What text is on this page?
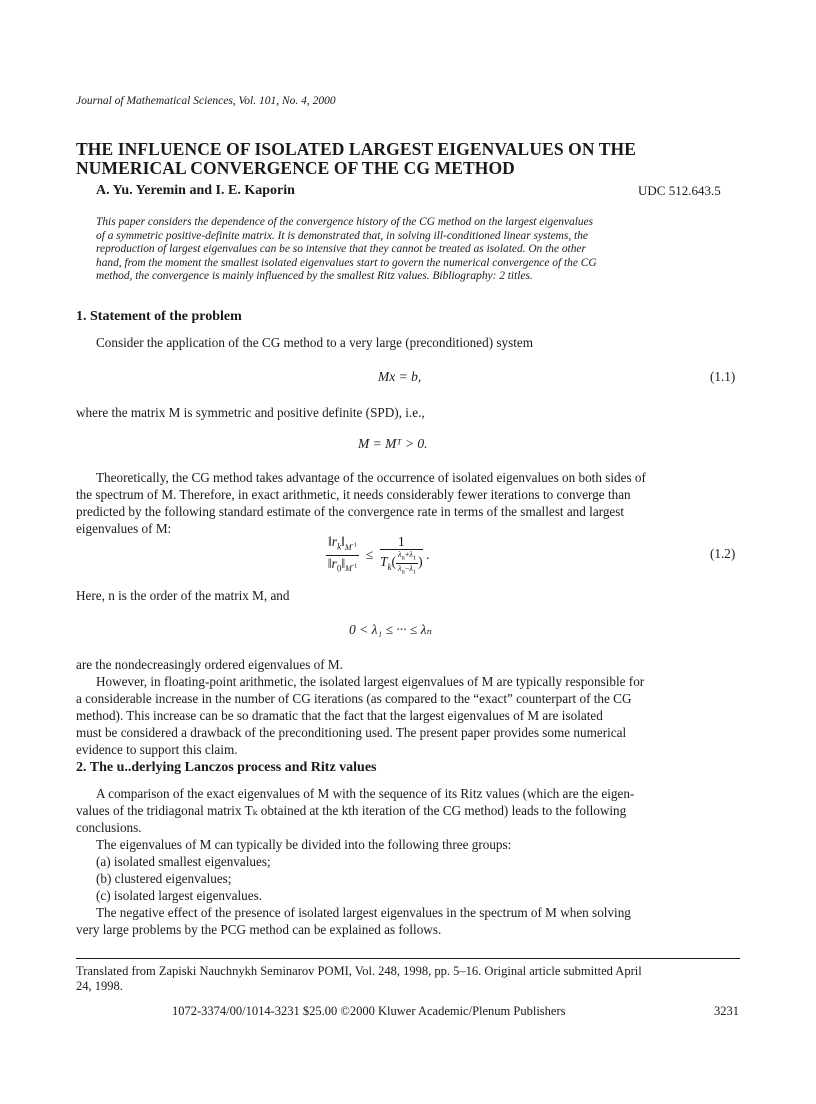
Journal of Mathematical Sciences, Vol. 101, No. 4, 2000
THE INFLUENCE OF ISOLATED LARGEST EIGENVALUES ON THE
NUMERICAL CONVERGENCE OF THE CG METHOD
A. Yu. Yeremin and I. E. Kaporin	UDC 512.643.5
This paper considers the dependence of the convergence history of the CG method on the largest eigenvalues
of a symmetric positive-definite matrix. It is demonstrated that, in solving ill-conditioned linear systems, the
reproduction of largest eigenvalues can be so intensive that they cannot be treated as isolated. On the other
hand, from the moment the smallest isolated eigenvalues start to govern the numerical convergence of the CG
method, the convergence is mainly influenced by the smallest Ritz values. Bibliography: 2 titles.
1. Statement of the problem
Consider the application of the CG method to a very large (preconditioned) system
Mx = b,	(1.1)
where the matrix M is symmetric and positive definite (SPD), i.e.,
M = Mᵀ > 0.
Theoretically, the CG method takes advantage of the occurrence of isolated eigenvalues on both sides of
the spectrum of M. Therefore, in exact arithmetic, it needs considerably fewer iterations to converge than
predicted by the following standard estimate of the convergence rate in terms of the smallest and largest
eigenvalues of M:
$\frac{‖r_k‖_{M^{-1}}}{‖r_0‖_{M^{-1}}} \le \frac{1}{T_k( \frac{\lambda_n+\lambda_1}{\lambda_n-\lambda_1} )}$ .	(1.2)
Here, n is the order of the matrix M, and
0 < λ₁ ≤ ··· ≤ λₙ
are the nondecreasingly ordered eigenvalues of M.
However, in floating-point arithmetic, the isolated largest eigenvalues of M are typically responsible for
a considerable increase in the number of CG iterations (as compared to the “exact” counterpart of the CG
method). This increase can be so dramatic that the fact that the largest eigenvalues of M are isolated
must be considered a drawback of the preconditioning used. The present paper provides some numerical
evidence to support this claim.
2. The u..derlying Lanczos process and Ritz values
A comparison of the exact eigenvalues of M with the sequence of its Ritz values (which are the eigen-
values of the tridiagonal matrix Tₖ obtained at the kth iteration of the CG method) leads to the following
conclusions.
The eigenvalues of M can typically be divided into the following three groups:
(a) isolated smallest eigenvalues;
(b) clustered eigenvalues;
(c) isolated largest eigenvalues.
The negative effect of the presence of isolated largest eigenvalues in the spectrum of M when solving
very large problems by the PCG method can be explained as follows.
Translated from Zapiski Nauchnykh Seminarov POMI, Vol. 248, 1998, pp. 5–16. Original article submitted April
24, 1998.
1072-3374/00/1014-3231 $25.00 ©2000 Kluwer Academic/Plenum Publishers	3231
